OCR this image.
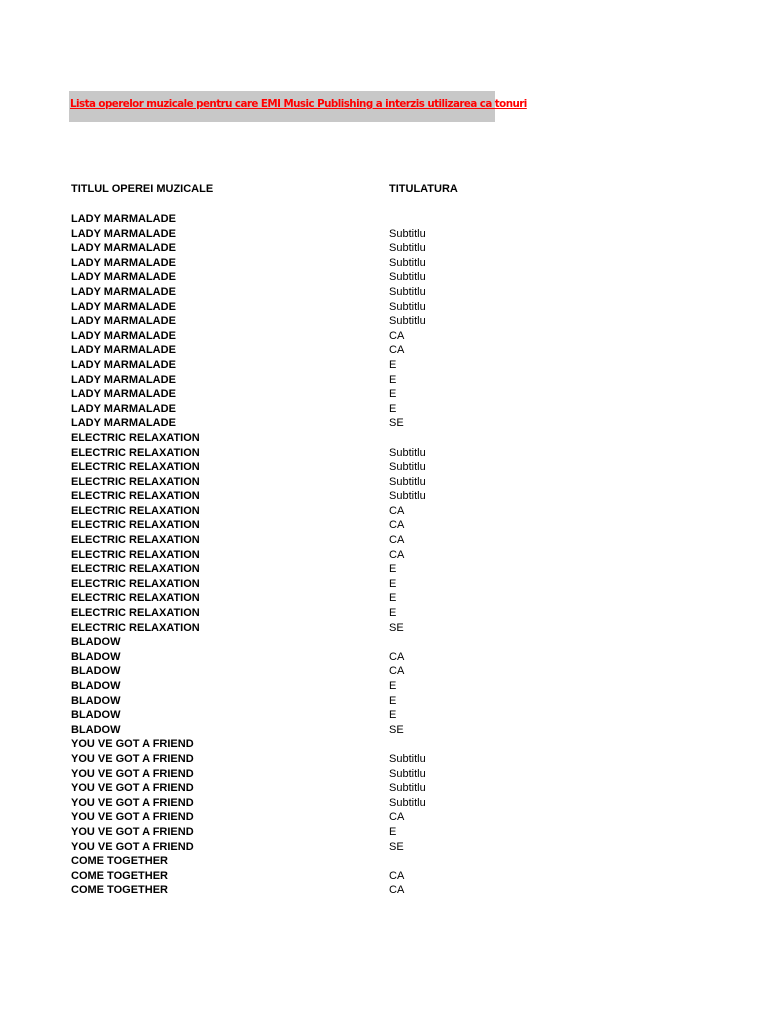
Lista operelor muzicale pentru care EMI Music Publishing a interzis utilizarea ca tonuri
TITLUL OPEREI MUZICALE	TITULATURA
LADY MARMALADE
LADY MARMALADE	Subtitlu
LADY MARMALADE	Subtitlu
LADY MARMALADE	Subtitlu
LADY MARMALADE	Subtitlu
LADY MARMALADE	Subtitlu
LADY MARMALADE	Subtitlu
LADY MARMALADE	Subtitlu
LADY MARMALADE	CA
LADY MARMALADE	CA
LADY MARMALADE	E
LADY MARMALADE	E
LADY MARMALADE	E
LADY MARMALADE	E
LADY MARMALADE	SE
ELECTRIC RELAXATION
ELECTRIC RELAXATION	Subtitlu
ELECTRIC RELAXATION	Subtitlu
ELECTRIC RELAXATION	Subtitlu
ELECTRIC RELAXATION	Subtitlu
ELECTRIC RELAXATION	CA
ELECTRIC RELAXATION	CA
ELECTRIC RELAXATION	CA
ELECTRIC RELAXATION	CA
ELECTRIC RELAXATION	E
ELECTRIC RELAXATION	E
ELECTRIC RELAXATION	E
ELECTRIC RELAXATION	E
ELECTRIC RELAXATION	SE
BLADOW
BLADOW	CA
BLADOW	CA
BLADOW	E
BLADOW	E
BLADOW	E
BLADOW	SE
YOU VE GOT A FRIEND
YOU VE GOT A FRIEND	Subtitlu
YOU VE GOT A FRIEND	Subtitlu
YOU VE GOT A FRIEND	Subtitlu
YOU VE GOT A FRIEND	Subtitlu
YOU VE GOT A FRIEND	CA
YOU VE GOT A FRIEND	E
YOU VE GOT A FRIEND	SE
COME TOGETHER
COME TOGETHER	CA
COME TOGETHER	CA
